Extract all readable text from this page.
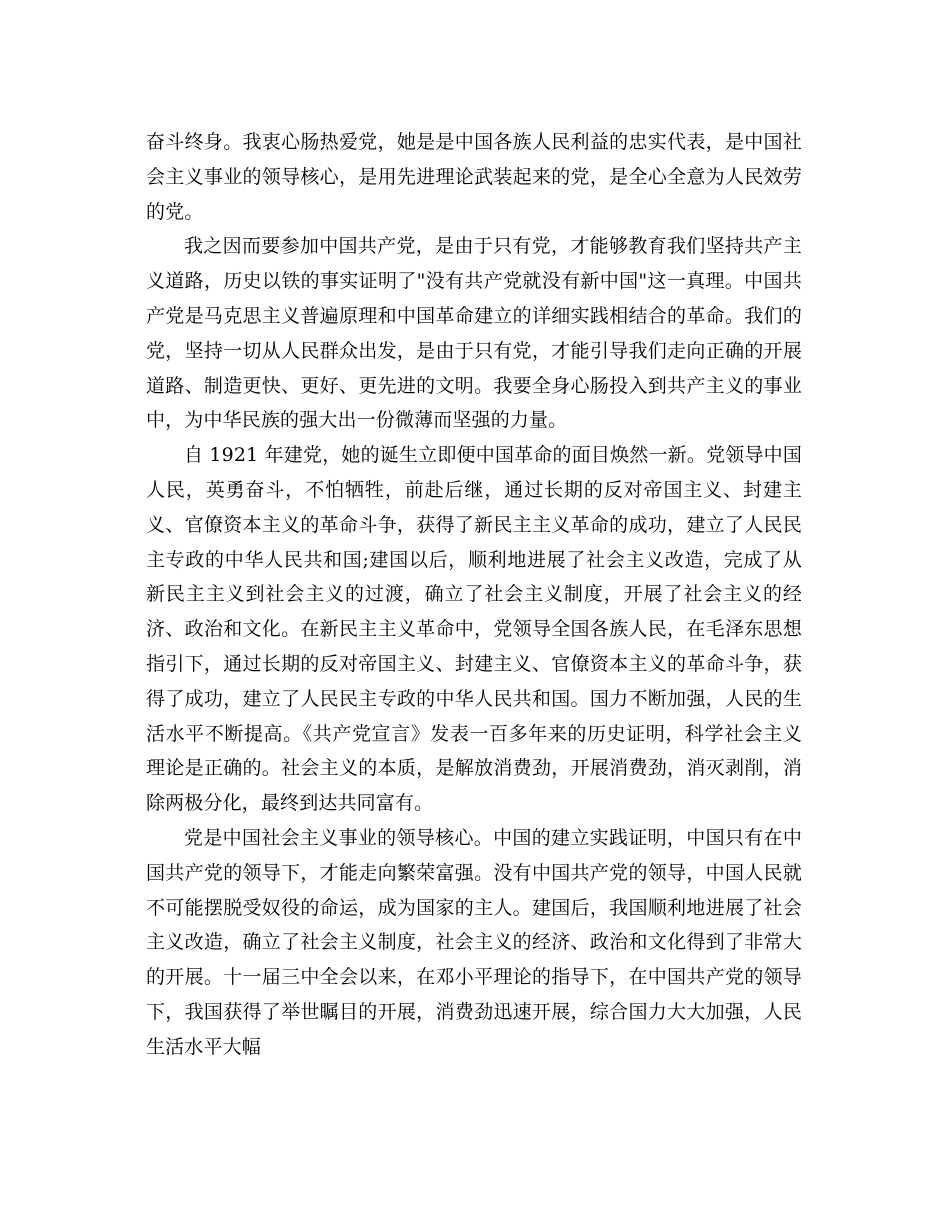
奋斗终身。我衷心肠热爱党，她是是中国各族人民利益的忠实代表，是中国社会主义事业的领导核心，是用先进理论武装起来的党，是全心全意为人民效劳的党。

我之因而要参加中国共产党，是由于只有党，才能够教育我们坚持共产主义道路，历史以铁的事实证明了"没有共产党就没有新中国"这一真理。中国共产党是马克思主义普遍原理和中国革命建立的详细实践相结合的革命。我们的党，坚持一切从人民群众出发，是由于只有党，才能引导我们走向正确的开展道路、制造更快、更好、更先进的文明。我要全身心肠投入到共产主义的事业中，为中华民族的强大出一份微薄而坚强的力量。

自 1921 年建党，她的诞生立即便中国革命的面目焕然一新。党领导中国人民，英勇奋斗，不怕牺牲，前赴后继，通过长期的反对帝国主义、封建主义、官僚资本主义的革命斗争，获得了新民主主义革命的成功，建立了人民民主专政的中华人民共和国;建国以后，顺利地进展了社会主义改造，完成了从新民主主义到社会主义的过渡，确立了社会主义制度，开展了社会主义的经济、政治和文化。在新民主主义革命中，党领导全国各族人民，在毛泽东思想指引下，通过长期的反对帝国主义、封建主义、官僚资本主义的革命斗争，获得了成功，建立了人民民主专政的中华人民共和国。国力不断加强，人民的生活水平不断提高。《共产党宣言》发表一百多年来的历史证明，科学社会主义理论是正确的。社会主义的本质，是解放消费劲，开展消费劲，消灭剥削，消除两极分化，最终到达共同富有。

党是中国社会主义事业的领导核心。中国的建立实践证明，中国只有在中国共产党的领导下，才能走向繁荣富强。没有中国共产党的领导，中国人民就不可能摆脱受奴役的命运，成为国家的主人。建国后，我国顺利地进展了社会主义改造，确立了社会主义制度，社会主义的经济、政治和文化得到了非常大的开展。十一届三中全会以来，在邓小平理论的指导下，在中国共产党的领导下，我国获得了举世瞩目的开展，消费劲迅速开展，综合国力大大加强，人民生活水平大幅
